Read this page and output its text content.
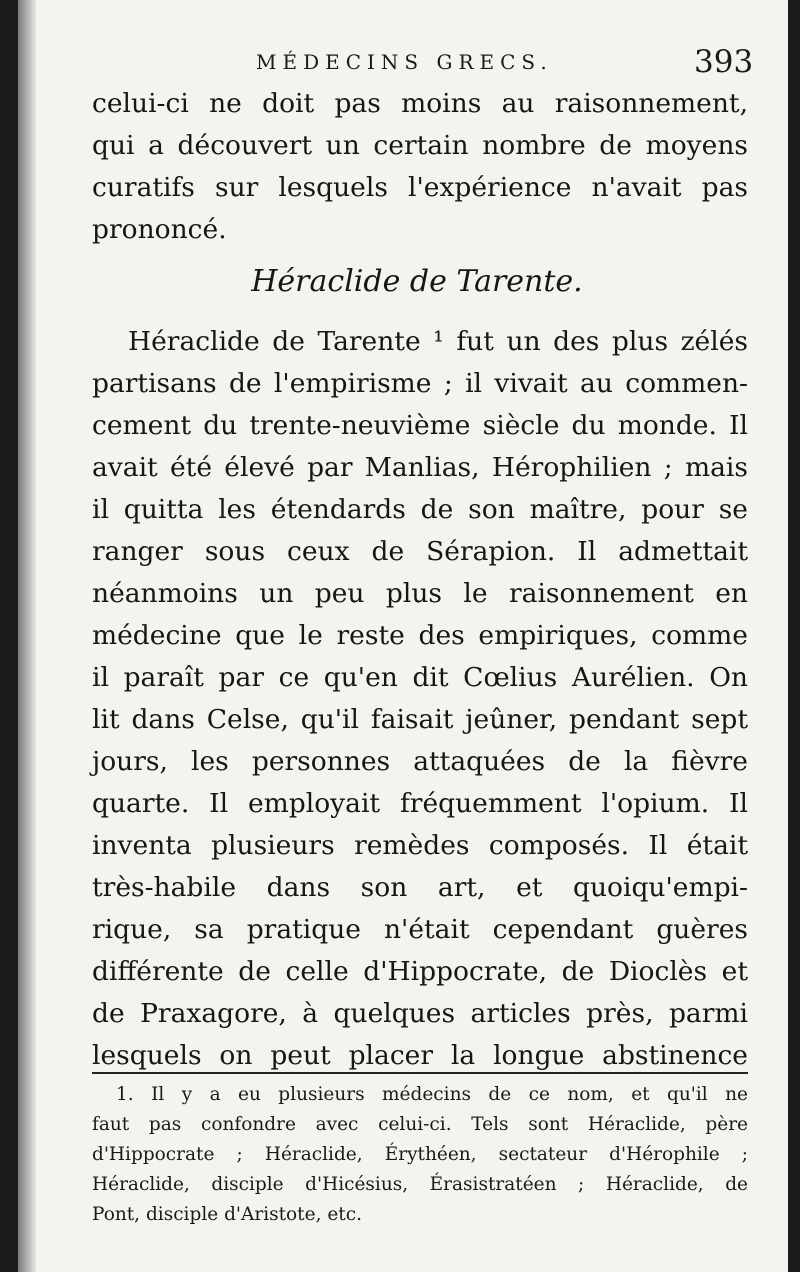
MÉDECINS GRECS.	393
celui-ci ne doit pas moins au raisonnement,
qui a découvert un certain nombre de moyens
curatifs sur lesquels l'expérience n'avait pas
prononcé.
Héraclide de Tarente.
Héraclide de Tarente ¹ fut un des plus zélés
partisans de l'empirisme ; il vivait au commen-
cement du trente-neuvième siècle du monde. Il
avait été élevé par Manlias, Hérophilien ; mais
il quitta les étendards de son maître, pour se
ranger sous ceux de Sérapion. Il admettait
néanmoins un peu plus le raisonnement en
médecine que le reste des empiriques, comme
il paraît par ce qu'en dit Cœlius Aurélien. On
lit dans Celse, qu'il faisait jeûner, pendant sept
jours, les personnes attaquées de la fièvre
quarte. Il employait fréquemment l'opium. Il
inventa plusieurs remèdes composés. Il était
très-habile dans son art, et quoiqu'empi-
rique, sa pratique n'était cependant guères
différente de celle d'Hippocrate, de Dioclès et
de Praxagore, à quelques articles près, parmi
lesquels on peut placer la longue abstinence
1. Il y a eu plusieurs médecins de ce nom, et qu'il ne
faut pas confondre avec celui-ci. Tels sont Héraclide, père
d'Hippocrate ; Héraclide, Érythéen, sectateur d'Hérophile ;
Héraclide, disciple d'Hicésius, Érasistratéen ; Héraclide, de
Pont, disciple d'Aristote, etc.
